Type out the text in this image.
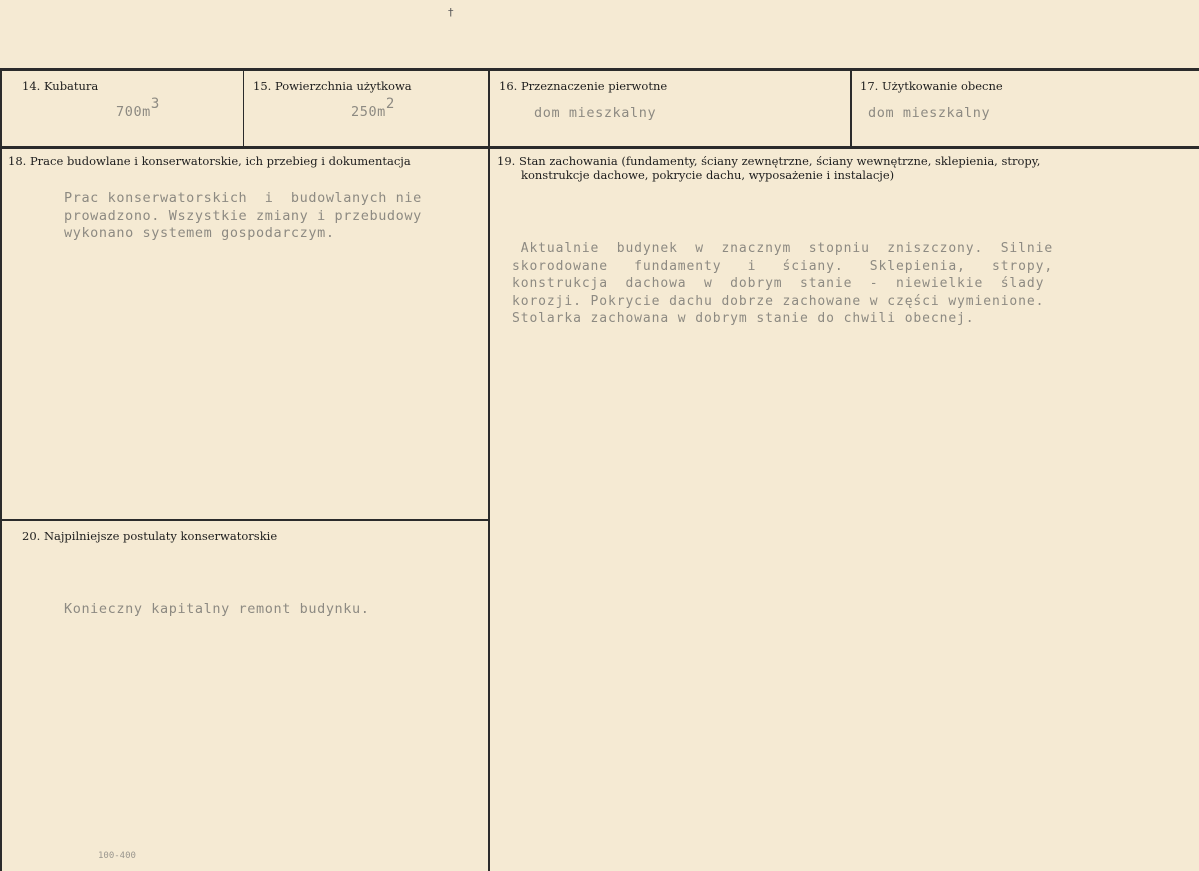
†
14. Kubatura
700m3
15. Powierzchnia użytkowa
250m2
16. Przeznaczenie pierwotne
dom mieszkalny
17. Użytkowanie obecne
dom mieszkalny
18. Prace budowlane i konserwatorskie, ich przebieg i dokumentacja
Prac konserwatorskich  i  budowlanych nie
prowadzono. Wszystkie zmiany i przebudowy
wykonano systemem gospodarczym.
19. Stan zachowania (fundamenty, ściany zewnętrzne, ściany wewnętrzne, sklepienia, stropy,
konstrukcje dachowe, pokrycie dachu, wyposażenie i instalacje)
Aktualnie  budynek  w  znacznym  stopniu  zniszczony.  Silnie
skorodowane   fundamenty   i   ściany.   Sklepienia,   stropy,
konstrukcja  dachowa  w  dobrym  stanie  -  niewielkie  ślady
korozji. Pokrycie dachu dobrze zachowane w części wymienione.
Stolarka zachowana w dobrym stanie do chwili obecnej.
20. Najpilniejsze postulaty konserwatorskie
Konieczny kapitalny remont budynku.
100-400
